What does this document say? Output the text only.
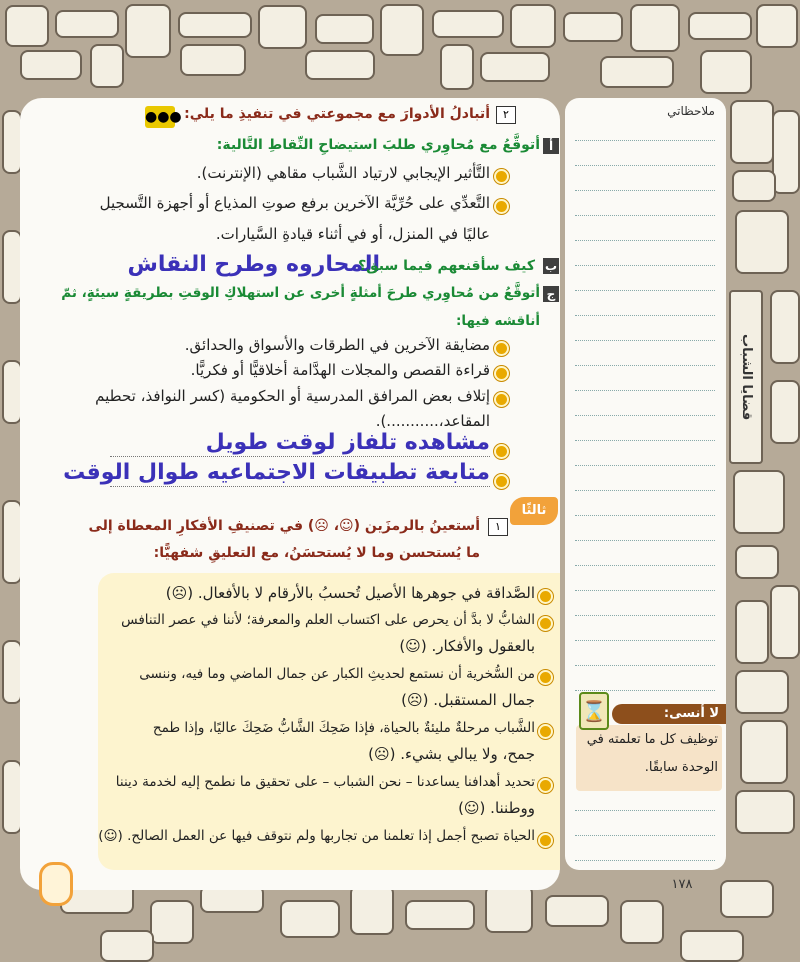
●●● أتبادلُ الأدوارَ مع مجموعتي في تنفيذِ ما يلي:	٢
أتوقَّعُ مع مُحاوِري طلبَ استيضاحِ النِّقاطِ التَّالية: أ
التَّأثير الإيجابي لارتياد الشَّباب مقاهي (الإنترنت).
التَّعدِّي على حُرِّيَّة الآخرين برفع صوتِ المذياع أو أجهزة التَّسجيل
عاليًا في المنزل، أو في أثناء قيادةِ السَّيارات.
المحاروه وطرح النقاش
كيف سأقنعهم فيما سبق؟ ب
أتوقَّعُ من مُحاوِري طرحَ أمثلةٍ أخرى عن استهلاكِ الوقتِ بطريقةٍ سيئةٍ، ثمّ ج
أناقشه فيها:
مضايقة الآخرين في الطرقات والأسواق والحدائق.
قراءة القصص والمجلات الهدَّامة أخلاقيًّا أو فكريًّا.
إتلاف بعض المرافق المدرسية أو الحكومية (كسر النوافذ، تحطيم
المقاعد،...........).
مشاهده تلفاز لوقت طويل
متابعة تطبيقات الاجتماعيه طوال الوقت
ثالثًا
١
أستعينُ بالرمزَين (☺، ☹) في تصنيفِ الأفكارِ المعطاة إلى
ما يُستحسن وما لا يُستحسَنُ، مع التعليقِ شفهيًّا:
الصَّداقة في جوهرها الأصيل تُحسبُ بالأرقام لا بالأفعال. (☹)
الشابُّ لا بدَّ أن يحرص على اكتساب العلم والمعرفة؛ لأننا في عصر التنافس
بالعقول والأفكار. (☺)
من السُّخرية أن نستمع لحديثِ الكبار عن جمال الماضي وما فيه، وننسى
جمال المستقبل. (☹)
الشَّباب مرحلةٌ مليئةٌ بالحياة، فإذا ضَحِكَ الشَّابُّ ضَحِكَ عاليًا، وإذا طمح
جمح، ولا يبالي بشيء. (☹)
تحديد أهدافنا يساعدنا – نحن الشباب – على تحقيق ما نطمح إليه لخدمة ديننا
ووطننا. (☺)
الحياة تصبح أجمل إذا تعلمنا من تجاربها ولم نتوقف فيها عن العمل الصالح. (☺)
ملاحظاتي
لا أنسى:
⌛
توظيف كل ما تعلمته في
الوحدة سابقًا.
قضايا الشباب
١٧٨
